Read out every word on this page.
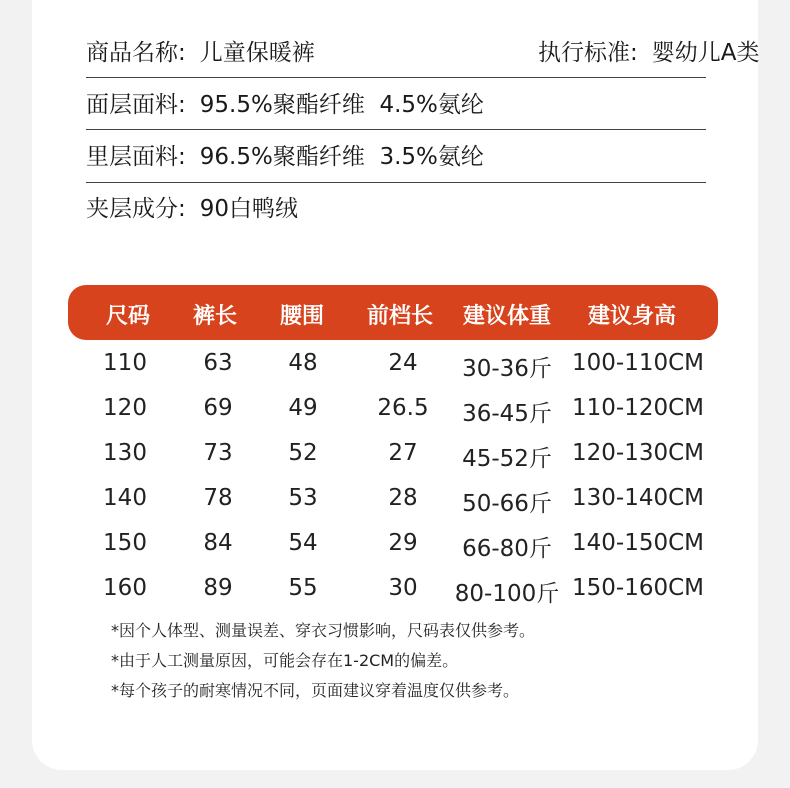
商品名称: 儿童保暖裤	执行标准: 婴幼儿A类
面层面料: 95.5%聚酯纤维  4.5%氨纶
里层面料: 96.5%聚酯纤维  3.5%氨纶
夹层成分: 90白鸭绒
尺码 裤长 腰围 前档长 建议体重 建议身高
110 63 48	24 30-36斤 100-110CM
120 69 49	26.5 36-45斤 110-120CM
130 73 52	27 45-52斤 120-130CM
140 78 53	28 50-66斤 130-140CM
150 84 54	29 66-80斤 140-150CM
160 89 55	30 80-100斤 150-160CM
*因个人体型、测量误差、穿衣习惯影响，尺码表仅供参考。
*由于人工测量原因，可能会存在1-2CM的偏差。
*每个孩子的耐寒情况不同，页面建议穿着温度仅供参考。
